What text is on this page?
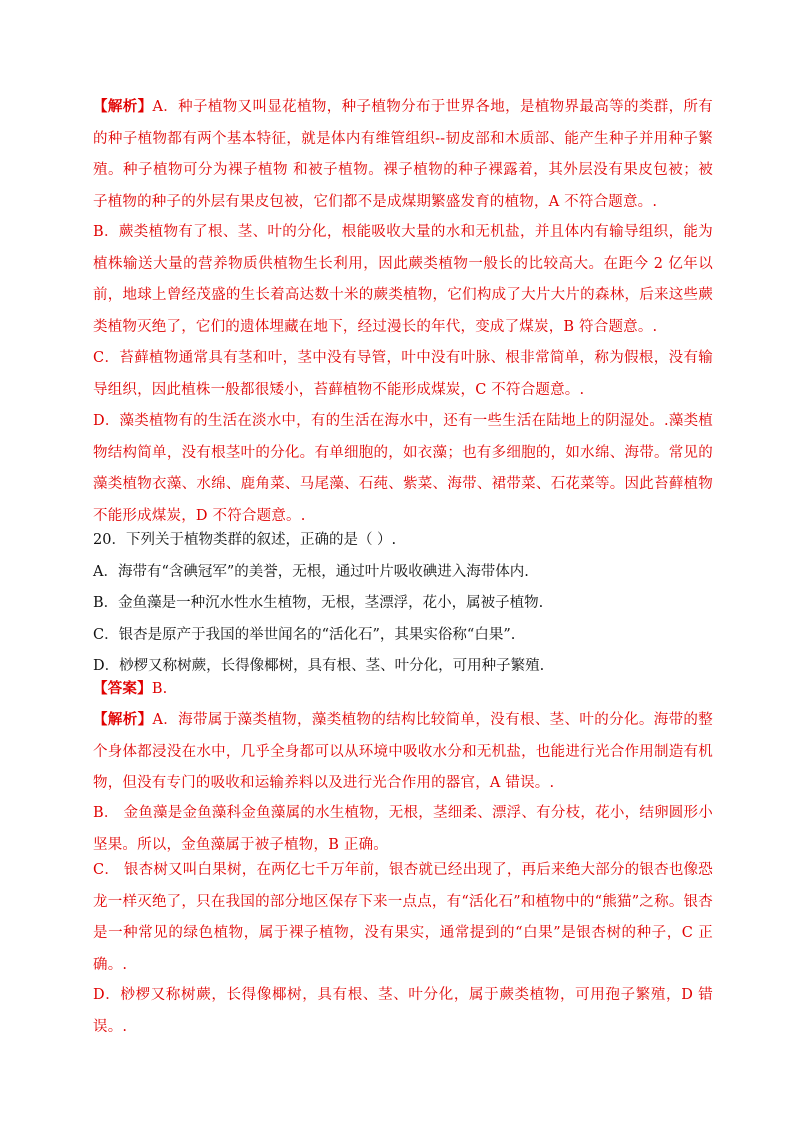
【解析】A．种子植物又叫显花植物，种子植物分布于世界各地，是植物界最高等的类群，所有的种子植物都有两个基本特征，就是体内有维管组织--韧皮部和木质部、能产生种子并用种子繁殖。种子植物可分为裸子植物 和被子植物。裸子植物的种子裸露着，其外层没有果皮包被；被子植物的种子的外层有果皮包被，它们都不是成煤期繁盛发育的植物，A 不符合题意。.

B．蕨类植物有了根、茎、叶的分化，根能吸收大量的水和无机盐，并且体内有输导组织，能为植株输送大量的营养物质供植物生长利用，因此蕨类植物一般长的比较高大。在距今 2 亿年以前，地球上曾经茂盛的生长着高达数十米的蕨类植物，它们构成了大片大片的森林，后来这些蕨类植物灭绝了，它们的遗体埋藏在地下，经过漫长的年代，变成了煤炭，B 符合题意。.

C．苔藓植物通常具有茎和叶，茎中没有导管，叶中没有叶脉、根非常简单，称为假根，没有输导组织，因此植株一般都很矮小，苔藓植物不能形成煤炭，C 不符合题意。.

D．藻类植物有的生活在淡水中，有的生活在海水中，还有一些生活在陆地上的阴湿处。.藻类植物结构简单，没有根茎叶的分化。有单细胞的，如衣藻；也有多细胞的，如水绵、海带。常见的藻类植物衣藻、水绵、鹿角菜、马尾藻、石莼、紫菜、海带、裙带菜、石花菜等。因此苔藓植物不能形成煤炭，D 不符合题意。.

20．下列关于植物类群的叙述，正确的是（ ）.

A．海带有“含碘冠军”的美誉，无根，通过叶片吸收碘进入海带体内.

B．金鱼藻是一种沉水性水生植物，无根，茎漂浮，花小，属被子植物.

C．银杏是原产于我国的举世闻名的“活化石”，其果实俗称“白果”.

D．桫椤又称树蕨，长得像椰树，具有根、茎、叶分化，可用种子繁殖.

【答案】B.

【解析】A．海带属于藻类植物，藻类植物的结构比较简单，没有根、茎、叶的分化。海带的整个身体都浸没在水中，几乎全身都可以从环境中吸收水分和无机盐，也能进行光合作用制造有机物，但没有专门的吸收和运输养料以及进行光合作用的器官，A 错误。.

B． 金鱼藻是金鱼藻科金鱼藻属的水生植物，无根，茎细柔、漂浮、有分枝，花小，结卵圆形小坚果。所以，金鱼藻属于被子植物，B 正确。

C． 银杏树又叫白果树，在两亿七千万年前，银杏就已经出现了，再后来绝大部分的银杏也像恐龙一样灭绝了，只在我国的部分地区保存下来一点点，有“活化石”和植物中的“熊猫”之称。银杏是一种常见的绿色植物，属于裸子植物，没有果实，通常提到的“白果”是银杏树的种子，C 正确。.

D．桫椤又称树蕨，长得像椰树，具有根、茎、叶分化，属于蕨类植物，可用孢子繁殖，D 错误。.
